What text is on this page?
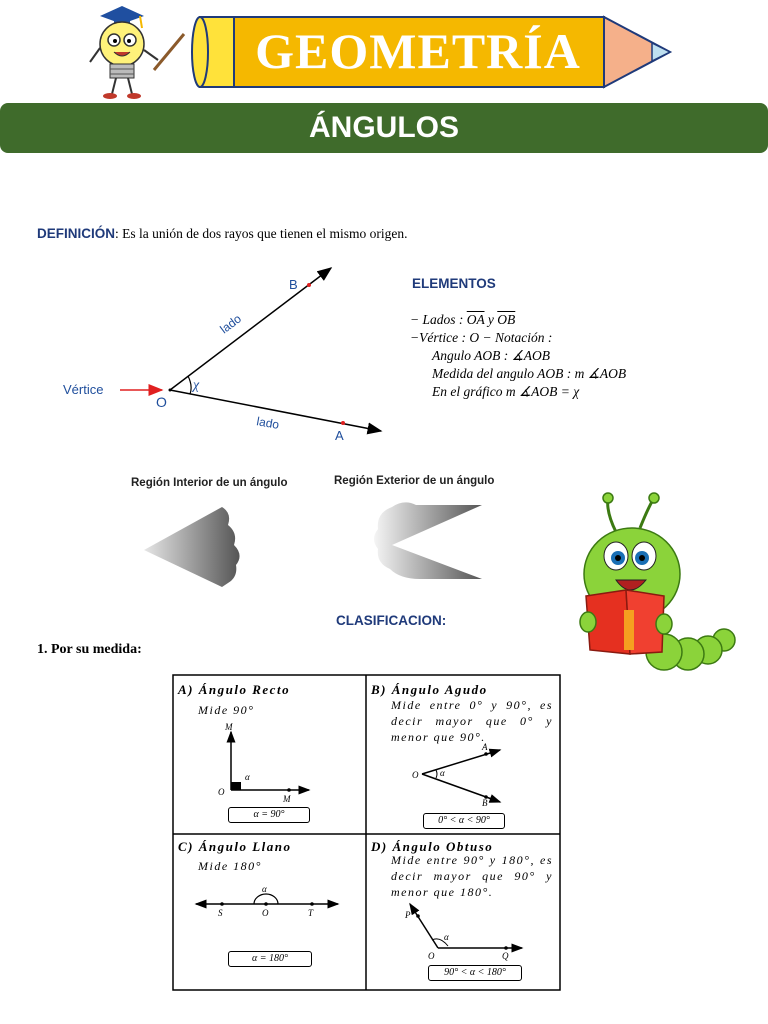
GEOMETRÍA
ÁNGULOS
DEFINICIÓN: Es la unión de dos rayos que tienen el mismo origen.
Vértice
O
B
A
lado
lado
χ
ELEMENTOS
− Lados : $\overline{OA}$ y $\overline{OB}$
−Vértice : O − Notación :
Angulo AOB : ∡AOB
Medida del angulo AOB : m ∡AOB
En el gráfico m ∡AOB = χ
Región Interior de un ángulo	Región Exterior de un ángulo
CLASIFICACION:
1. Por su medida:
A) Ángulo Recto
Mide 90°
M
O
M
α
α = 90°
B) Ángulo Agudo
Mide entre 0° y 90°, es decir mayor que 0° y menor que 90°.
O
A
B
α
0° < α < 90°
C) Ángulo Llano
Mide 180°
α
S	O	T
α = 180°
D) Ángulo Obtuso
Mide entre 90° y 180°, es decir mayor que 90° y menor que 180°.
P
O	Q
α
90° < α < 180°
